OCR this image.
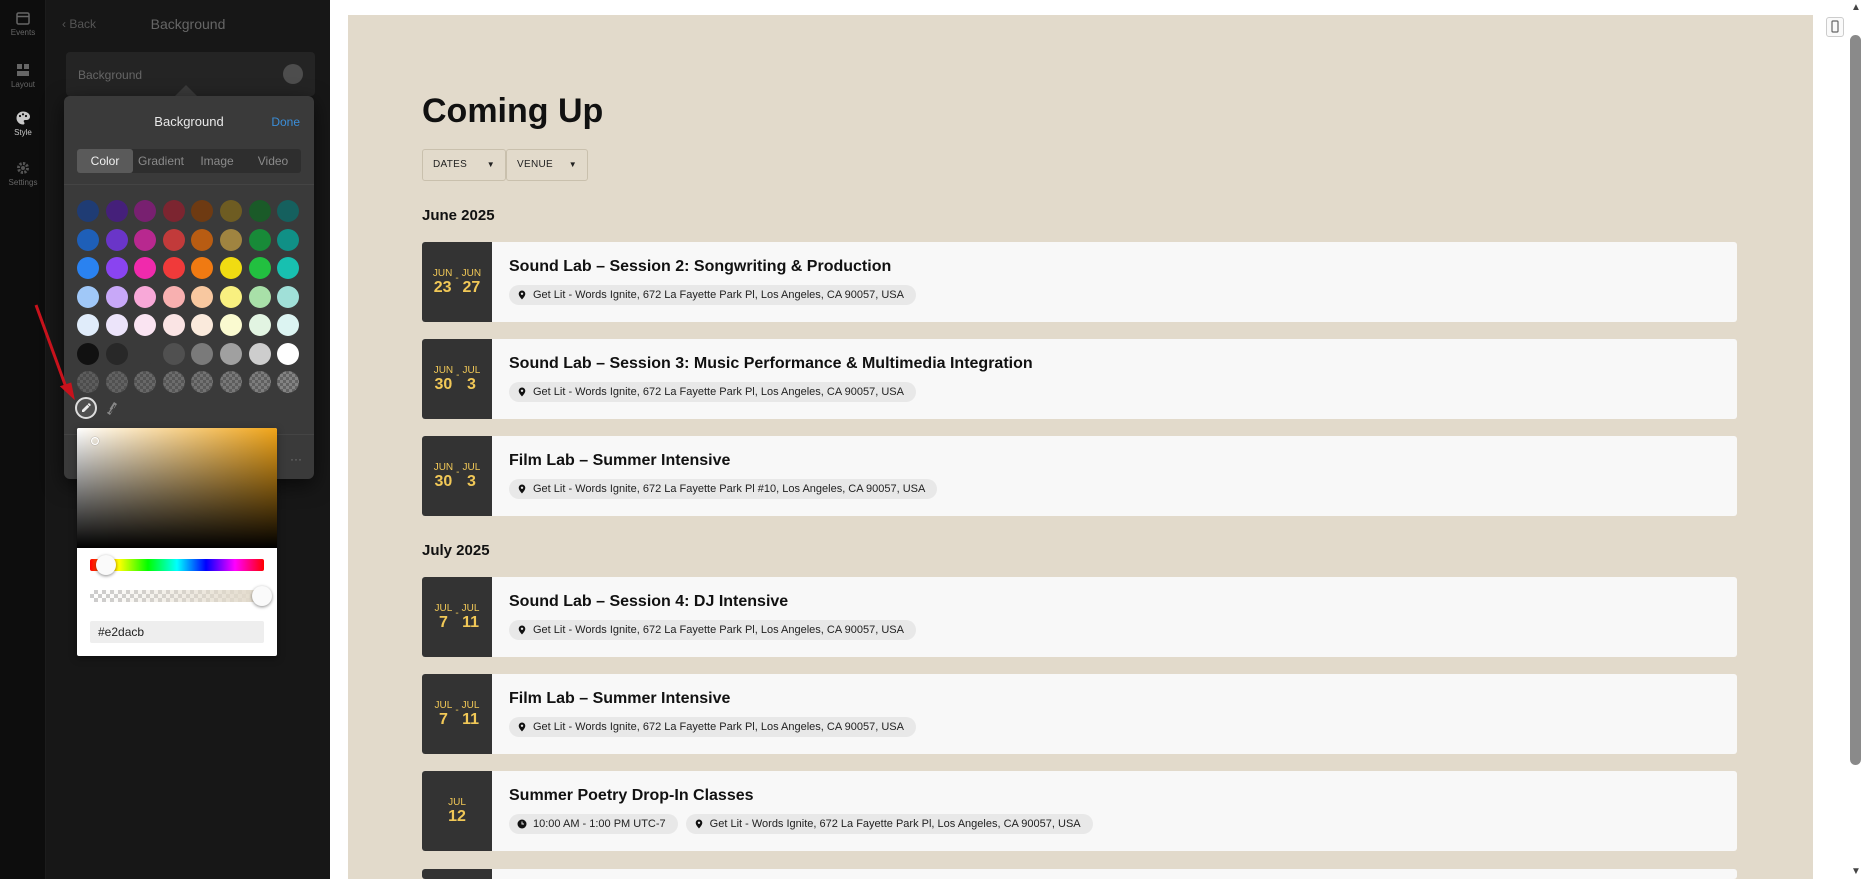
Events
Layout
Style
Settings
‹ Back	Background
Background
Background	Done
Color	Gradient	Image	Video
···
#e2dacb
Coming Up
DATES ▼	VENUE ▼
June 2025
July 2025
JUN
23
- JUN
27
Sound Lab – Session 2: Songwriting & Production
Get Lit - Words Ignite, 672 La Fayette Park Pl, Los Angeles, CA 90057, USA
JUN
30
- JUL
3
Sound Lab – Session 3: Music Performance & Multimedia Integration
Get Lit - Words Ignite, 672 La Fayette Park Pl, Los Angeles, CA 90057, USA
JUN
30
- JUL
3
Film Lab – Summer Intensive
Get Lit - Words Ignite, 672 La Fayette Park Pl #10, Los Angeles, CA 90057, USA
JUL
7
- JUL
11
Sound Lab – Session 4: DJ Intensive
Get Lit - Words Ignite, 672 La Fayette Park Pl, Los Angeles, CA 90057, USA
JUL
7
- JUL
11
Film Lab – Summer Intensive
Get Lit - Words Ignite, 672 La Fayette Park Pl, Los Angeles, CA 90057, USA
JUL
12
Summer Poetry Drop-In Classes
10:00 AM - 1:00 PM UTC-7	Get Lit - Words Ignite, 672 La Fayette Park Pl, Los Angeles, CA 90057, USA
▲
▼
